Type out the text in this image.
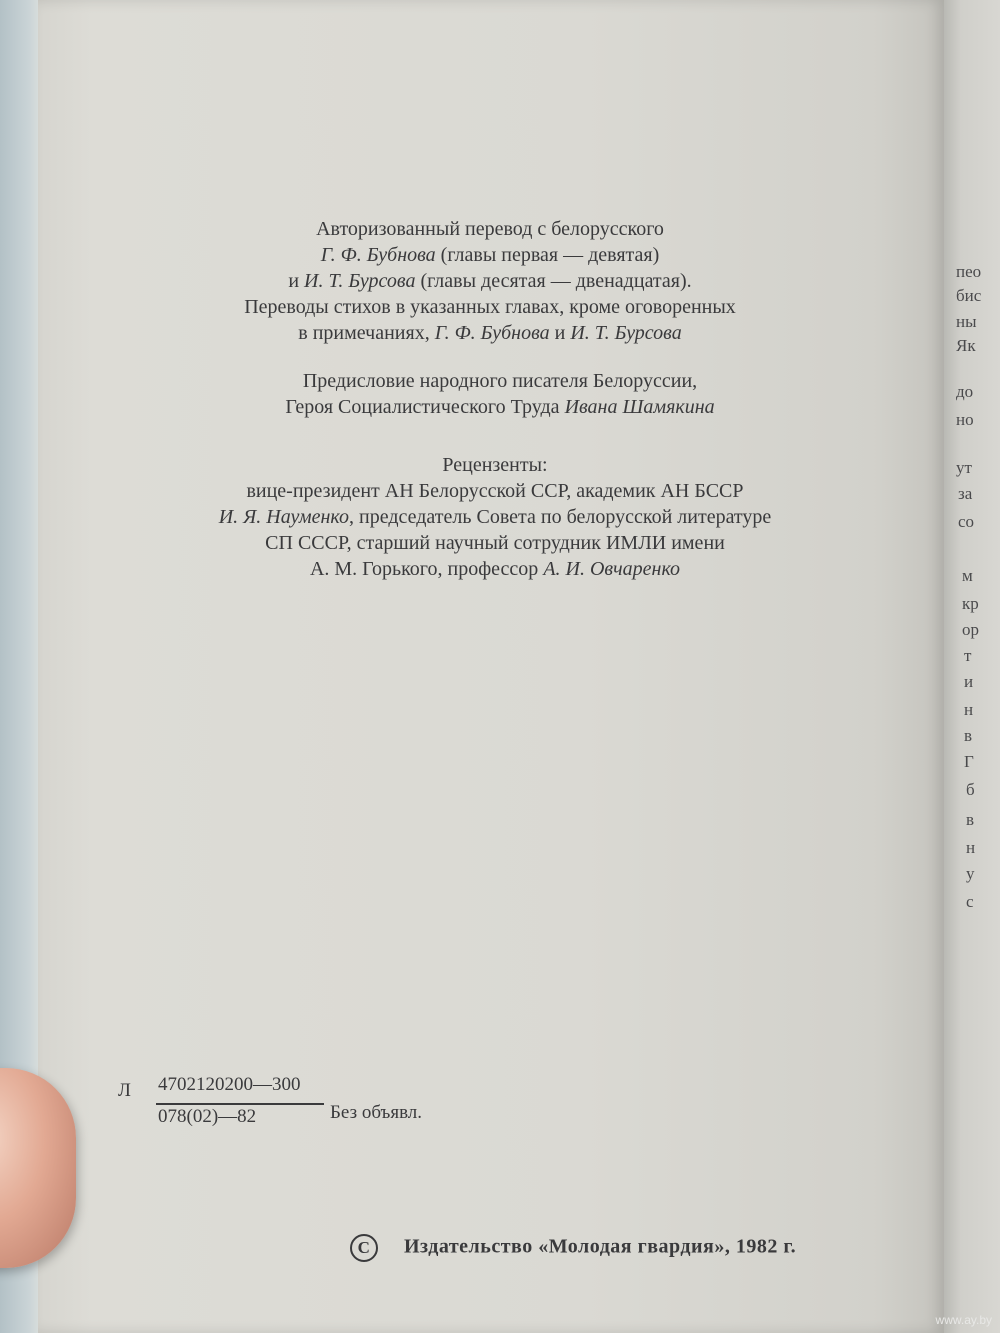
пео
бис
ны
Як
до
но
ут
за
со
м
кр
ор
т
и
н
в
Г
б
в
н
у
с
Авторизованный перевод с белорусского
Г. Ф. Бубнова (главы первая — девятая)
и И. Т. Бурсова (главы десятая — двенадцатая).
Переводы стихов в указанных главах, кроме оговоренных
в примечаниях, Г. Ф. Бубнова и И. Т. Бурсова
Предисловие народного писателя Белоруссии,
Героя Социалистического Труда Ивана Шамякина
Рецензенты:
вице-президент АН Белорусской ССР, академик АН БССР
И. Я. Науменко, председатель Совета по белорусской литературе
СП СССР, старший научный сотрудник ИМЛИ имени
А. М. Горького, профессор А. И. Овчаренко
Л 4702120200—300
078(02)—82	Без объявл.
C Издательство «Молодая гвардия», 1982 г.
www.ay.by
